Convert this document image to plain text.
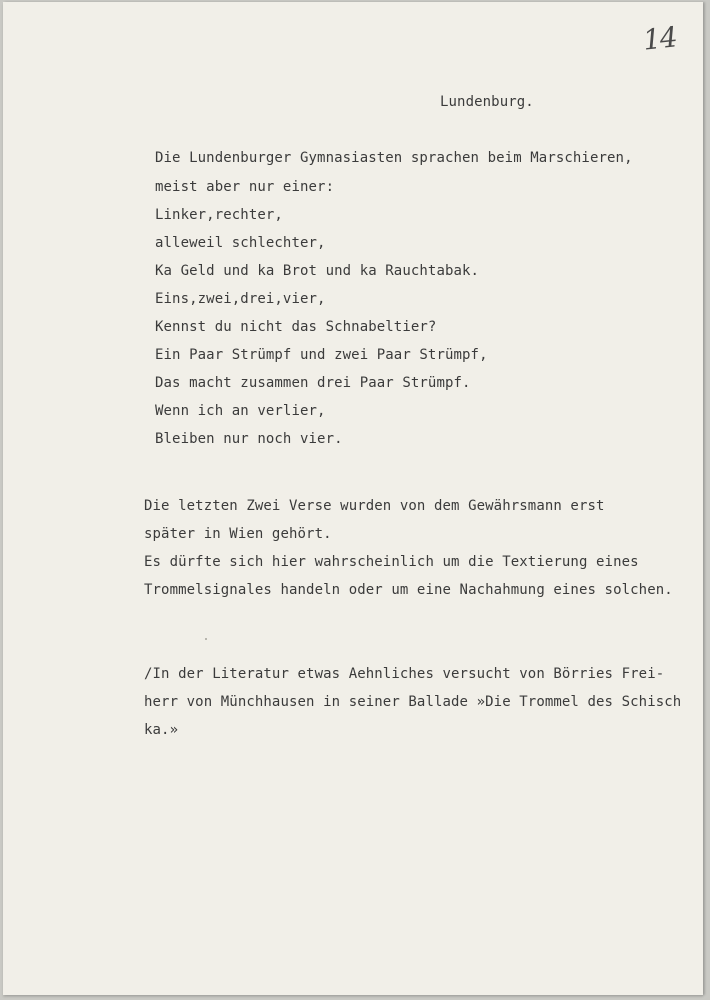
14
Lundenburg.
Die Lundenburger Gymnasiasten sprachen beim Marschieren,
meist aber nur einer:
Linker,rechter,
alleweil schlechter,
Ka Geld und ka Brot und ka Rauchtabak.
Eins,zwei,drei,vier,
Kennst du nicht das Schnabeltier?
Ein Paar Strümpf und zwei Paar Strümpf,
Das macht zusammen drei Paar Strümpf.
Wenn ich an verlier,
Bleiben nur noch vier.
Die letzten Zwei Verse wurden von dem Gewährsmann erst
später in Wien gehört.
Es dürfte sich hier wahrscheinlich um die Textierung eines
Trommelsignales handeln oder um eine Nachahmung eines solchen.
/In der Literatur etwas Aehnliches versucht von Börries Frei-
herr von Münchhausen in seiner Ballade »Die Trommel des Schisch
ka.»
